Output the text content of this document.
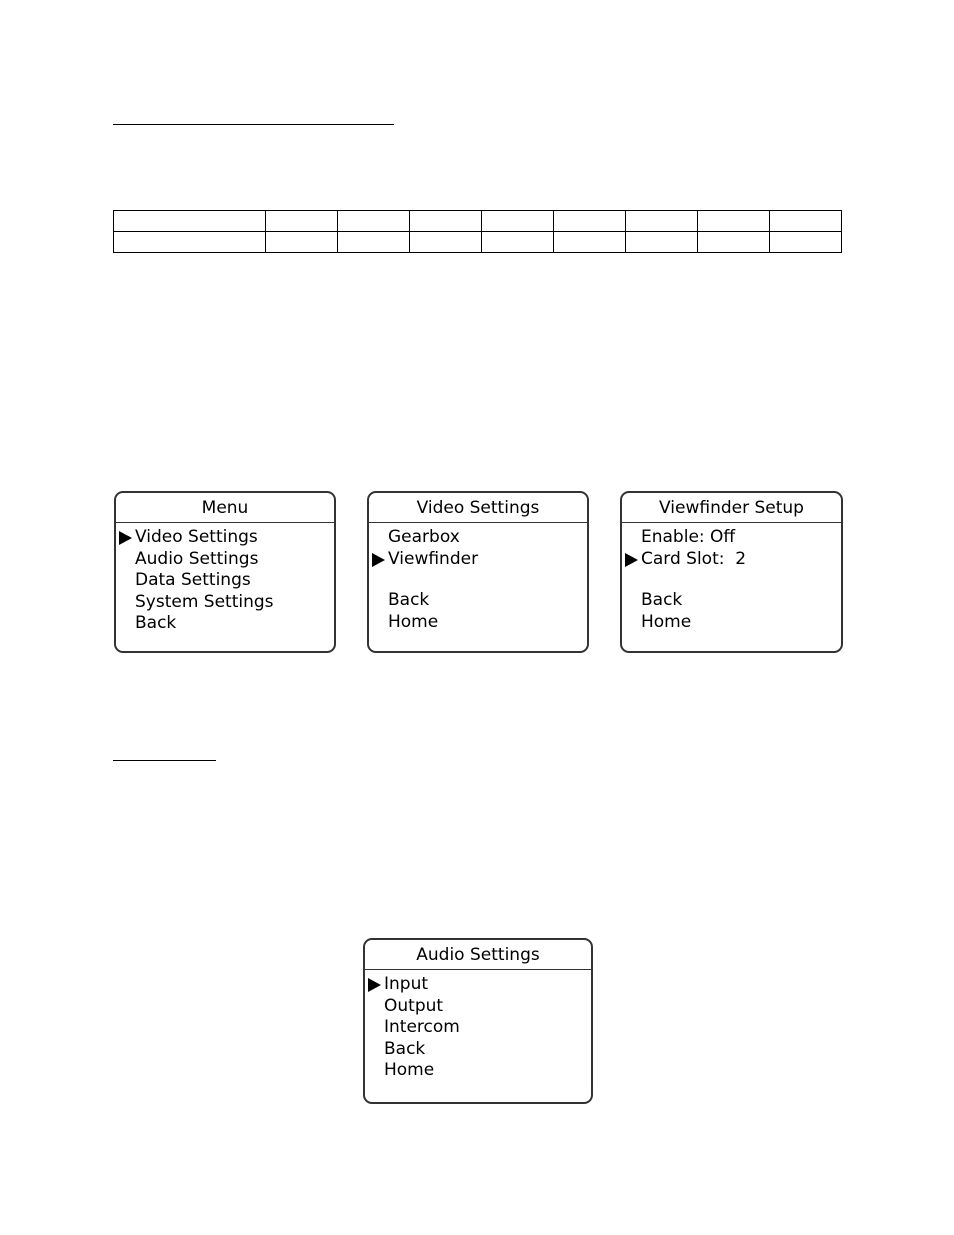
Menu
Video Settings
Audio Settings
Data Settings
System Settings
Back
Video Settings
Gearbox
Viewfinder
Back
Home
Viewfinder Setup
Enable: Off
Card Slot:  2
Back
Home
Audio Settings
Input
Output
Intercom
Back
Home
